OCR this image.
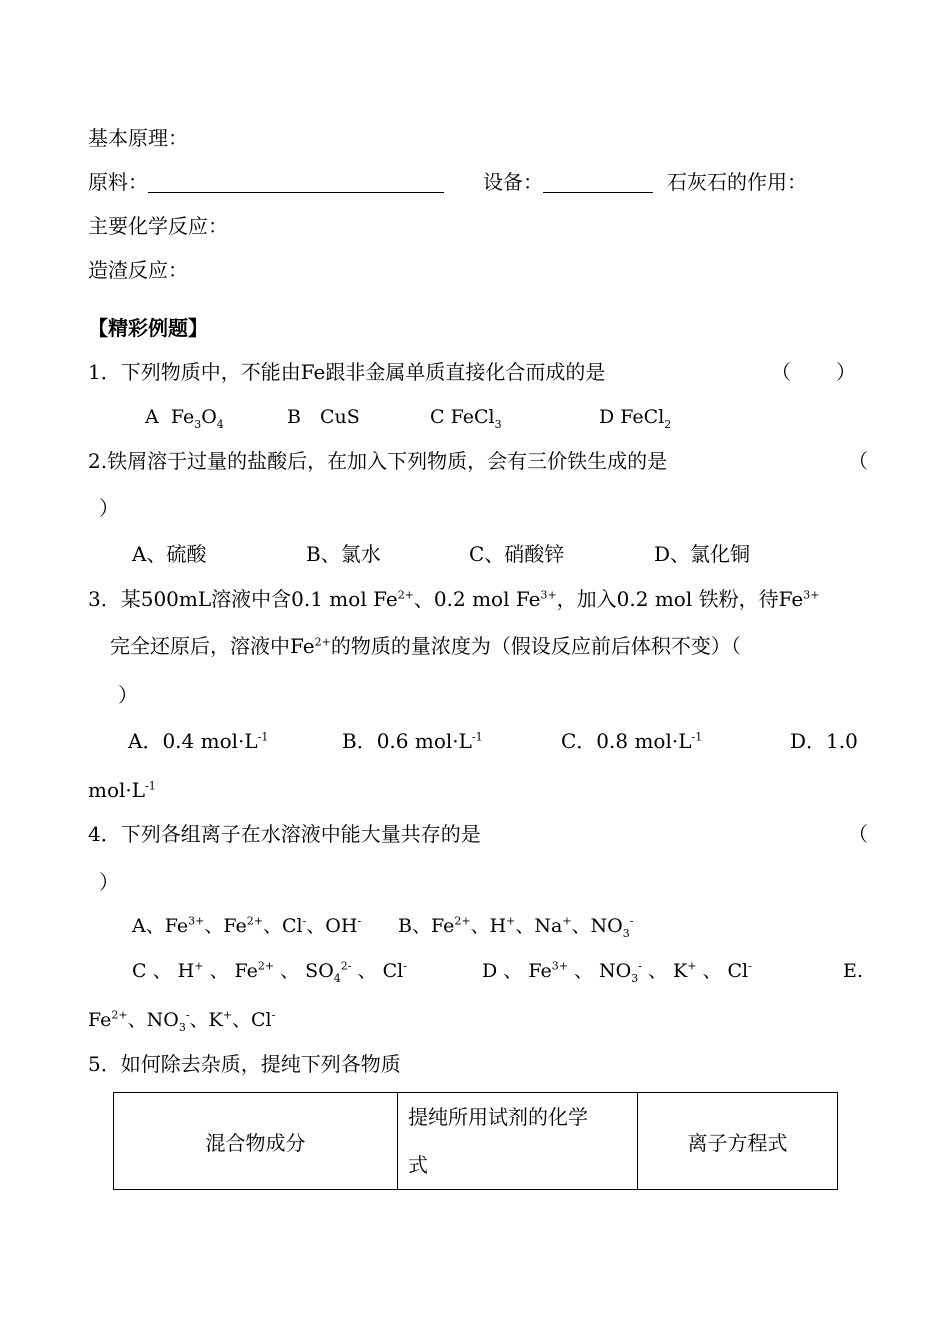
基本原理：
原料：	设备：	石灰石的作用：
主要化学反应：
造渣反应：
【精彩例题】
1．下列物质中，不能由Fe跟非金属单质直接化合而成的是	（ ）
A  $Fe_3O_4$	B　CuS	C FeCl$_3$	D FeCl$_2$
2.铁屑溶于过量的盐酸后，在加入下列物质，会有三价铁生成的是	（
）
A、硫酸	B、氯水	C、硝酸锌	D、氯化铜
3．某500mL溶液中含0.1 mol $Fe^{2+}$、0.2 mol $Fe^{3+}$，加入0.2 mol 铁粉，待$Fe^{3+}$
完全还原后，溶液中$Fe^{2+}$的物质的量浓度为（假设反应前后体积不变）（
）
A．0.4 $mol\cdot L^{-1}$	B．0.6 $mol\cdot L^{-1}$	C．0.8 $mol\cdot L^{-1}$	D．1.0
$mol\cdot L^{-1}$
4．下列各组离子在水溶液中能大量共存的是	（
）
A、$Fe^{3+}$、$Fe^{2+}$、Cl-、OH- B、$Fe^{2+}$、H+、Na+、$NO_3^-$
C 、 H+ 、 $Fe^{2+}$ 、 $SO_4^{2-}$ 、 Cl-	D 、 $Fe^{3+}$ 、 $NO_3^-$ 、 K+ 、 Cl-	E.
$Fe^{2+}$、$NO_3^-$、K+、Cl-
5．如何除去杂质，提纯下列各物质
混合物成分	提纯所用试剂的化学
式	离子方程式
